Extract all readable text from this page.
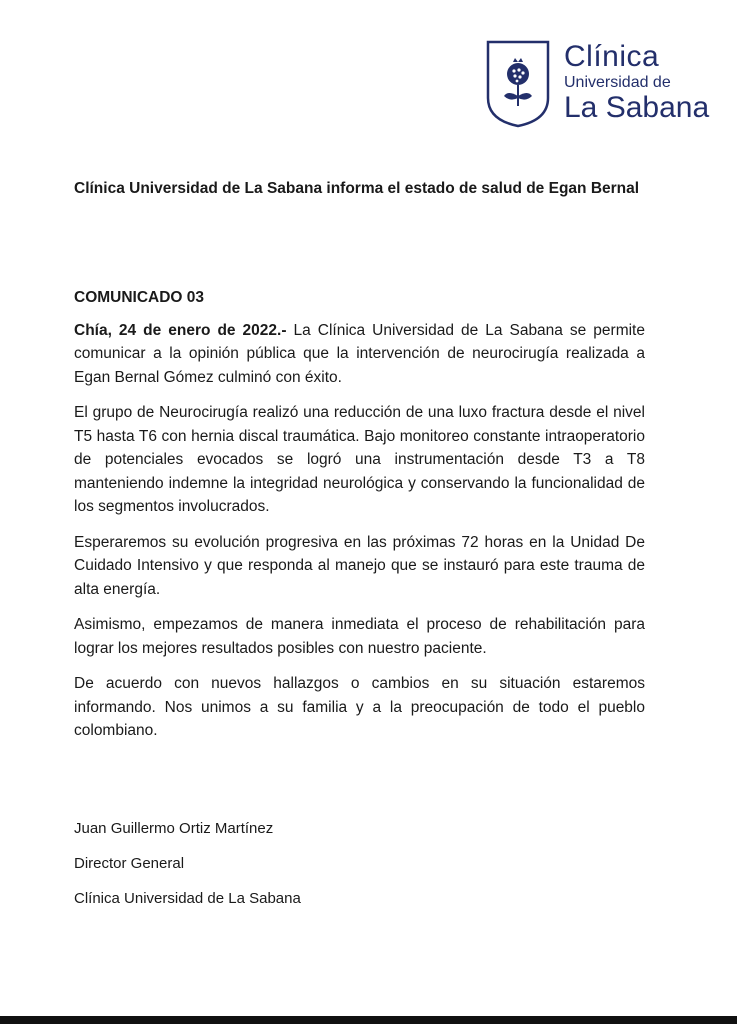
Clínica
Universidad de
La Sabana
Clínica Universidad de La Sabana informa el estado de salud de Egan Bernal
COMUNICADO 03

Chía, 24 de enero de 2022.- La Clínica Universidad de La Sabana se permite comunicar a la opinión pública que la intervención de neurocirugía realizada a Egan Bernal Gómez culminó con éxito.

El grupo de Neurocirugía realizó una reducción de una luxo fractura desde el nivel T5 hasta T6 con hernia discal traumática. Bajo monitoreo constante intraoperatorio de potenciales evocados se logró una instrumentación desde T3 a T8 manteniendo indemne la integridad neurológica y conservando la funcionalidad de los segmentos involucrados.

Esperaremos su evolución progresiva en las próximas 72 horas en la Unidad De Cuidado Intensivo y que responda al manejo que se instauró para este trauma de alta energía.

Asimismo, empezamos de manera inmediata el proceso de rehabilitación para lograr los mejores resultados posibles con nuestro paciente.

De acuerdo con nuevos hallazgos o cambios en su situación estaremos informando. Nos unimos a su familia y a la preocupación de todo el pueblo colombiano.

Juan Guillermo Ortiz Martínez
Director General
Clínica Universidad de La Sabana
